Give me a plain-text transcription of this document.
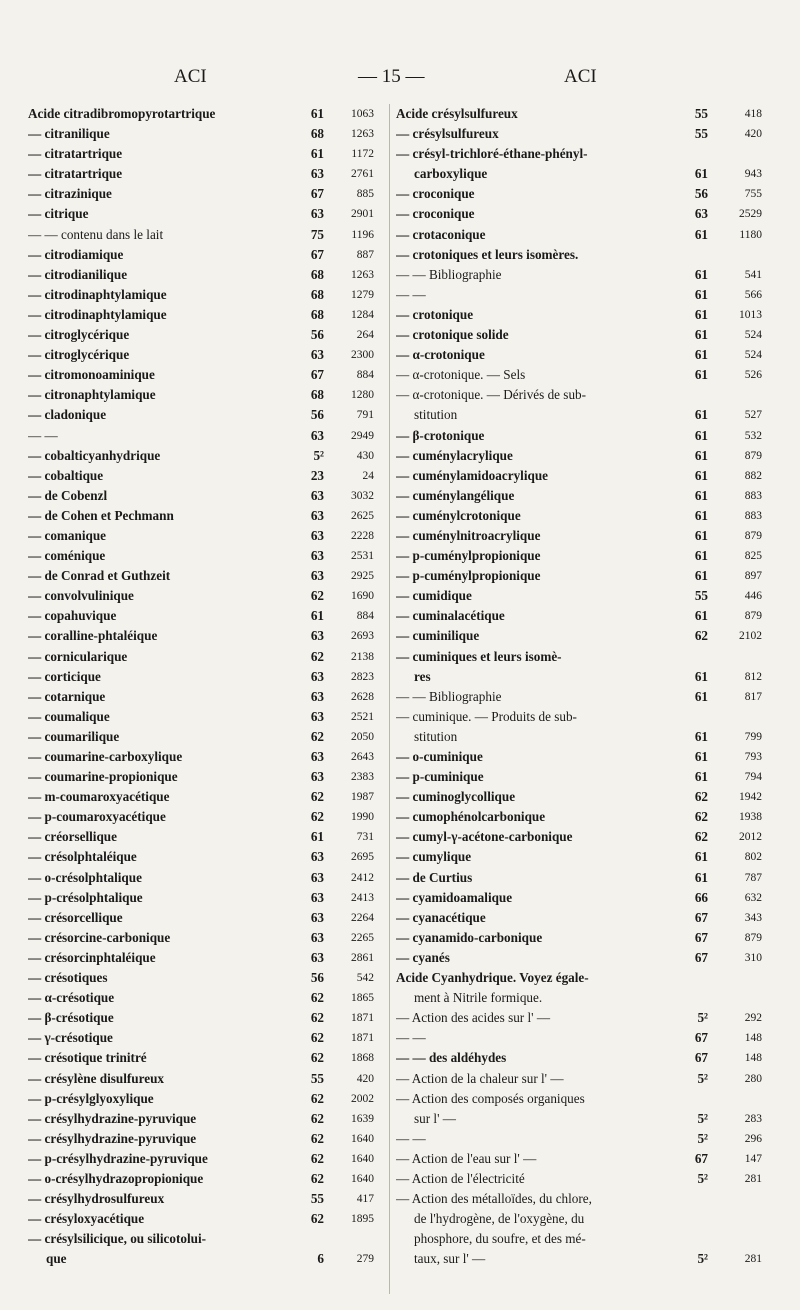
ACI	— 15 —	ACI
Acide citradibromopyrotartrique	61	1063
— citranilique	68	1263
— citratartrique	61	1172
— citratartrique	63	2761
— citrazinique	67	885
— citrique	63	2901
— — contenu dans le lait	75	1196
— citrodiamique	67	887
— citrodianilique	68	1263
— citrodinaphtylamique	68	1279
— citrodinaphtylamique	68	1284
— citroglycérique	56	264
— citroglycérique	63	2300
— citromonoaminique	67	884
— citronaphtylamique	68	1280
— cladonique	56	791
— —	63	2949
— cobalticyanhydrique	5²	430
— cobaltique	23	24
— de Cobenzl	63	3032
— de Cohen et Pechmann	63	2625
— comanique	63	2228
— coménique	63	2531
— de Conrad et Guthzeit	63	2925
— convolvulinique	62	1690
— copahuvique	61	884
— coralline-phtaléique	63	2693
— cornicularique	62	2138
— corticique	63	2823
— cotarnique	63	2628
— coumalique	63	2521
— coumarilique	62	2050
— coumarine-carboxylique	63	2643
— coumarine-propionique	63	2383
— m-coumaroxyacétique	62	1987
— p-coumaroxyacétique	62	1990
— créorsellique	61	731
— crésolphtaléique	63	2695
— o-crésolphtalique	63	2412
— p-crésolphtalique	63	2413
— crésorcellique	63	2264
— crésorcine-carbonique	63	2265
— crésorcinphtaléique	63	2861
— crésotiques	56	542
— α-crésotique	62	1865
— β-crésotique	62	1871
— γ-crésotique	62	1871
— crésotique trinitré	62	1868
— crésylène disulfureux	55	420
— p-crésylglyoxylique	62	2002
— crésylhydrazine-pyruvique	62	1639
— crésylhydrazine-pyruvique	62	1640
— p-crésylhydrazine-pyruvique	62	1640
— o-crésylhydrazopropionique	62	1640
— crésylhydrosulfureux	55	417
— crésyloxyacétique	62	1895
— crésylsilicique, ou silicotolui-
que	6	279
Acide crésylsulfureux	55	418
— crésylsulfureux	55	420
— crésyl-trichloré-éthane-phényl-
carboxylique	61	943
— croconique	56	755
— croconique	63	2529
— crotaconique	61	1180
— crotoniques et leurs isomères.
— — Bibliographie	61	541
— —	61	566
— crotonique	61	1013
— crotonique solide	61	524
— α-crotonique	61	524
— α-crotonique. — Sels	61	526
— α-crotonique. — Dérivés de sub-
stitution	61	527
— β-crotonique	61	532
— cuménylacrylique	61	879
— cuménylamidoacrylique	61	882
— cuménylangélique	61	883
— cuménylcrotonique	61	883
— cuménylnitroacrylique	61	879
— p-cuménylpropionique	61	825
— p-cuménylpropionique	61	897
— cumidique	55	446
— cuminalacétique	61	879
— cuminilique	62	2102
— cuminiques et leurs isomè-
res	61	812
— — Bibliographie	61	817
— cuminique. — Produits de sub-
stitution	61	799
— o-cuminique	61	793
— p-cuminique	61	794
— cuminoglycollique	62	1942
— cumophénolcarbonique	62	1938
— cumyl-γ-acétone-carbonique	62	2012
— cumylique	61	802
— de Curtius	61	787
— cyamidoamalique	66	632
— cyanacétique	67	343
— cyanamido-carbonique	67	879
— cyanés	67	310
Acide Cyanhydrique. Voyez égale-
ment à Nitrile formique.
— Action des acides sur l' —	5²	292
— —	67	148
— — des aldéhydes	67	148
— Action de la chaleur sur l' —	5²	280
— Action des composés organiques
sur l' —	5²	283
— —	5²	296
— Action de l'eau sur l' —	67	147
— Action de l'électricité	5²	281
— Action des métalloïdes, du chlore,
de l'hydrogène, de l'oxygène, du
phosphore, du soufre, et des mé-
taux, sur l' —	5²	281
